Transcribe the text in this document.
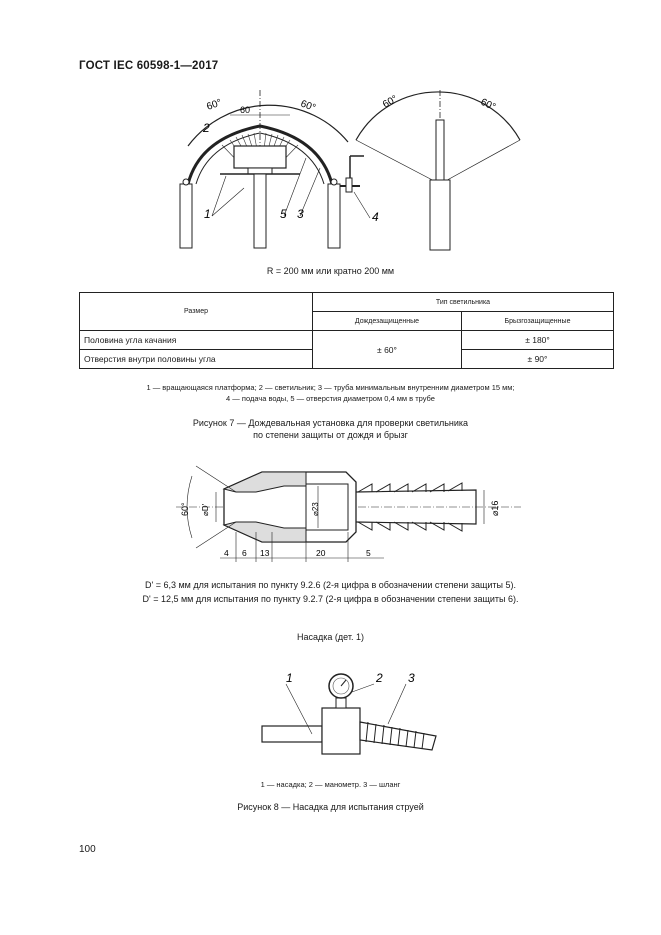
ГОСТ IEC 60598-1—2017
60°	60°	60°	60°
60
1
2
3	4
5
R = 200 мм или кратно 200 мм
Размер	Тип светильника	
	Дождезащищенные	Брызгозащищенные
Половина угла качания	± 60°	± 180°
Отверстия внутри половины угла		± 90°
1 — вращающаяся платформа; 2 — светильник; 3 — труба минимальным внутренним диаметром 15 мм;
4 — подача воды, 5 — отверстия диаметром 0,4 мм в трубе
Рисунок 7 — Дождевальная установка для проверки светильника
по степени защиты от дождя и брызг
60° ⌀D'	⌀23	⌀16
4 6 13	20	5
D' = 6,3 мм для испытания по пункту 9.2.6 (2-я цифра в обозначении степени защиты 5).
D' = 12,5 мм для испытания по пункту 9.2.7 (2-я цифра в обозначении степени защиты 6).
Насадка (дет. 1)
1	2 3
1 — насадка; 2 — манометр. 3 — шланг
Рисунок 8 — Насадка для испытания струей
100
